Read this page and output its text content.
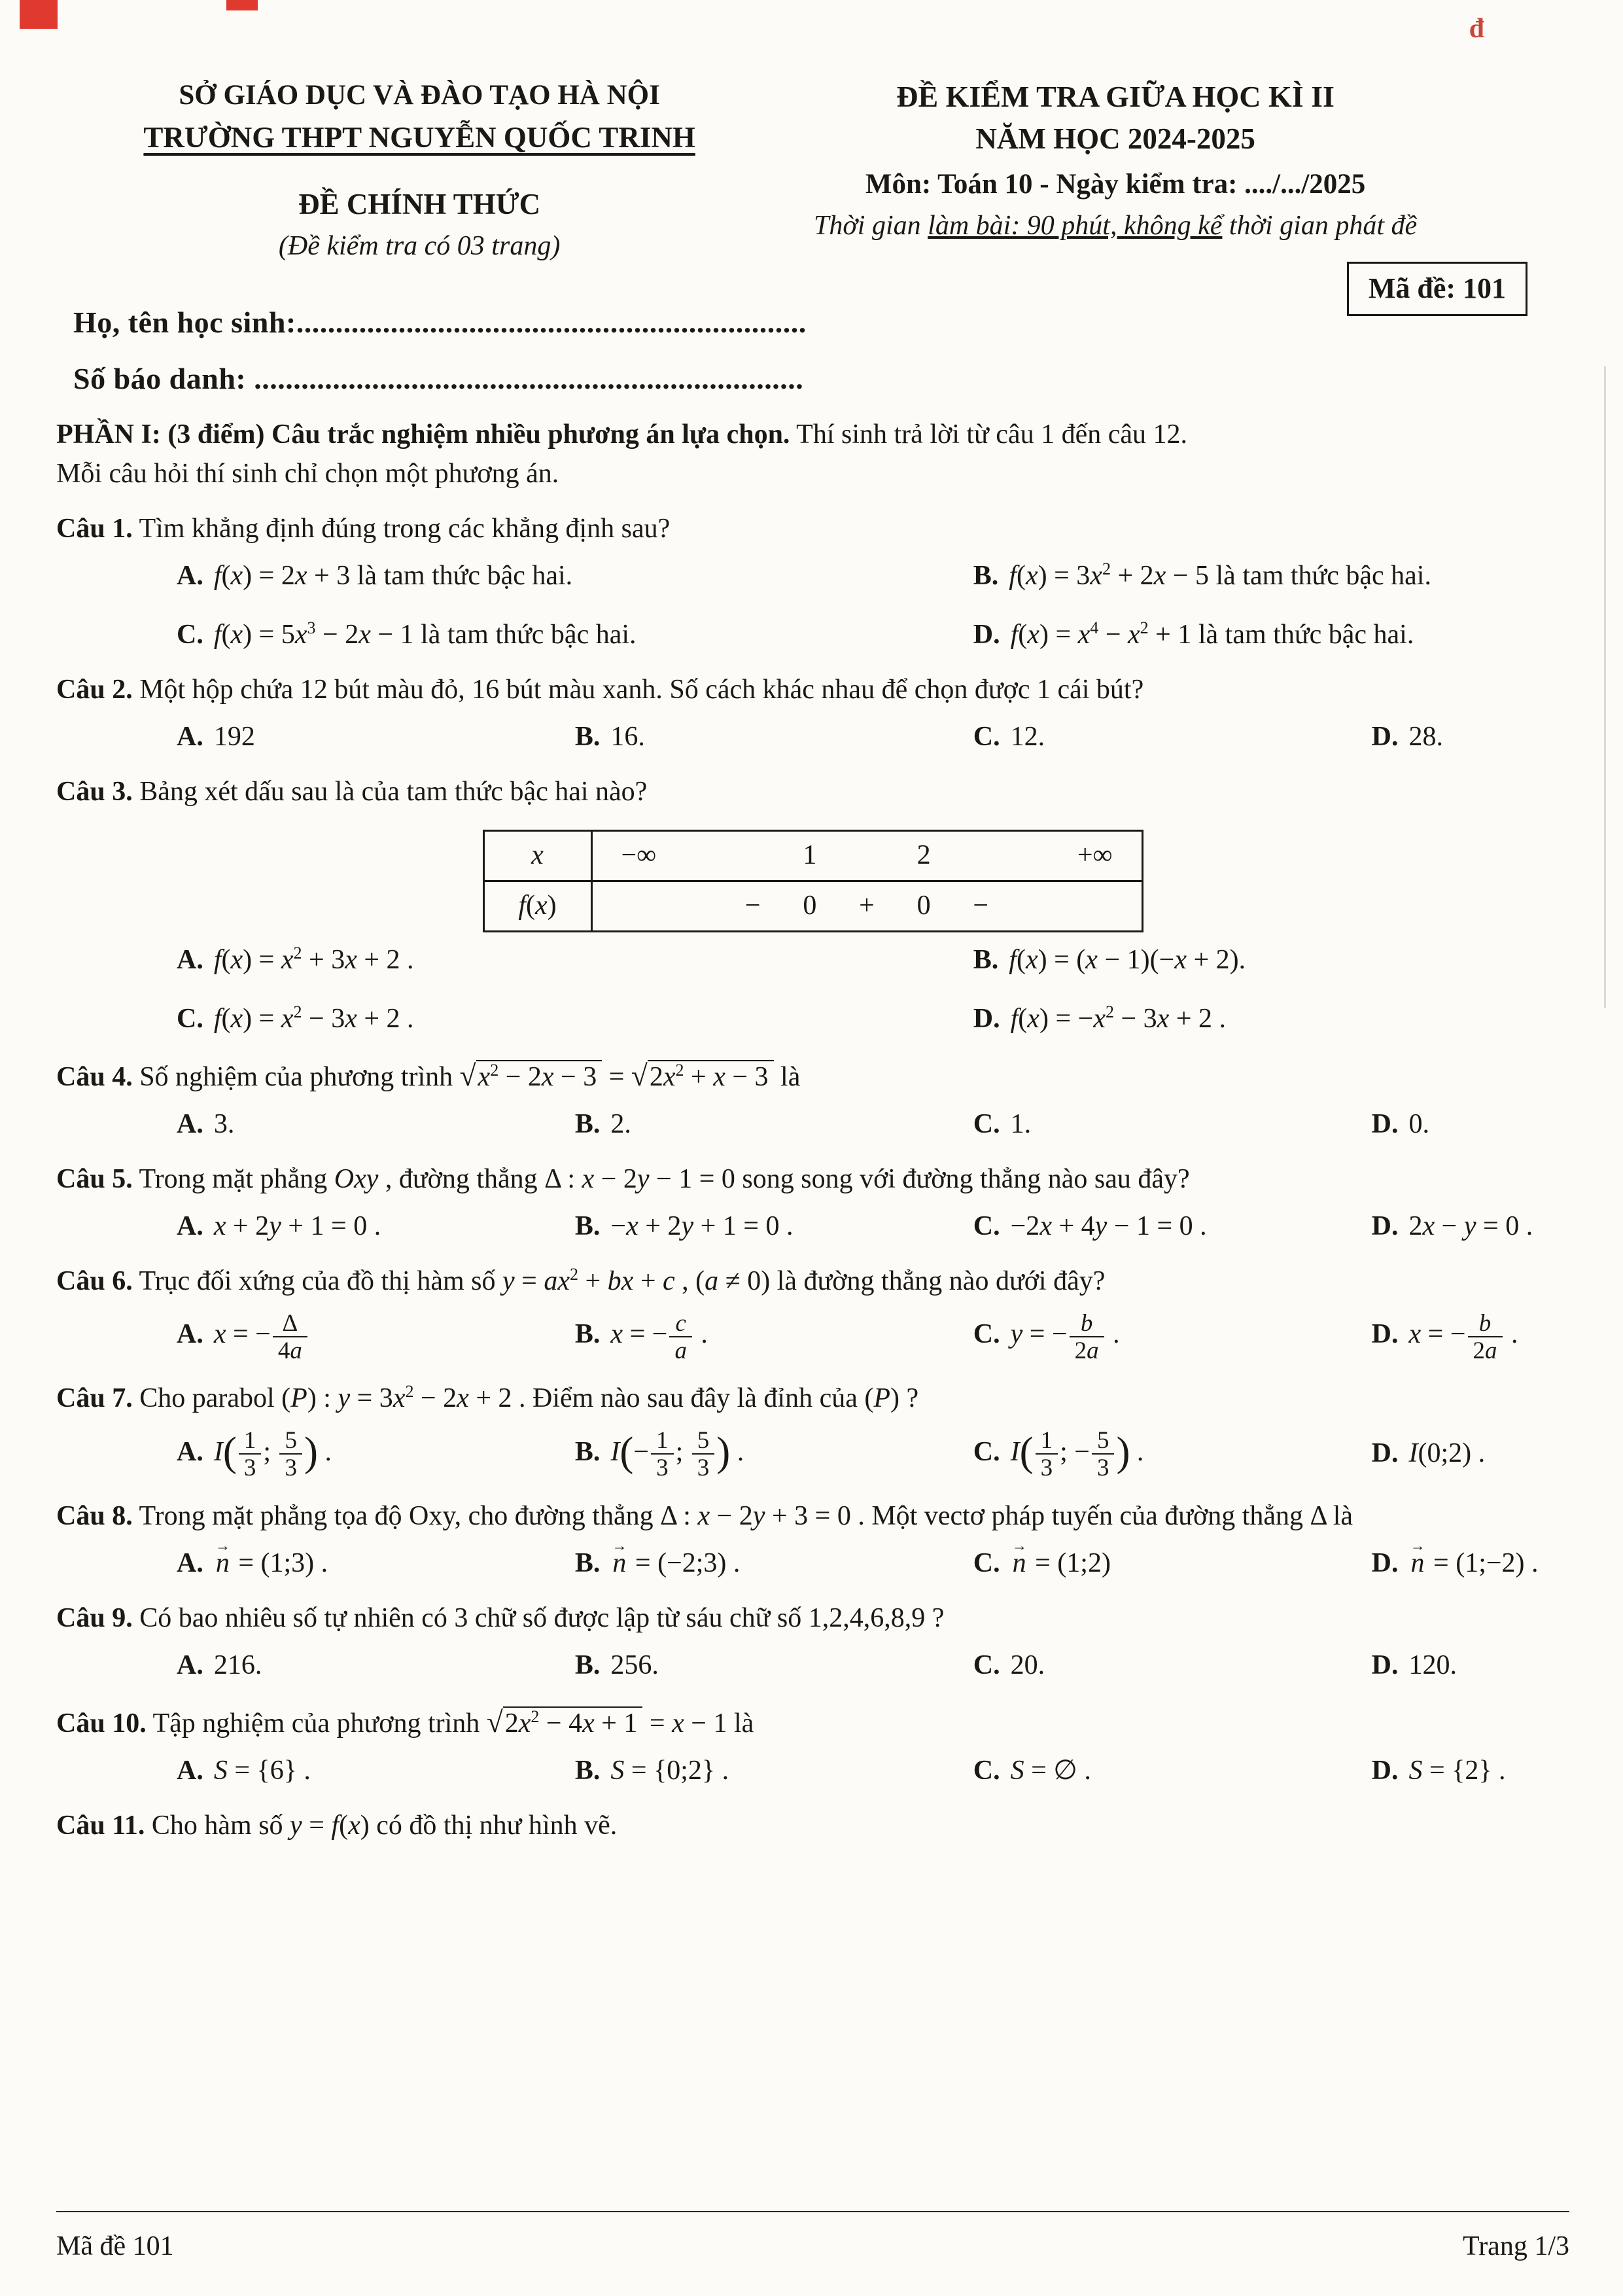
đ
SỞ GIÁO DỤC VÀ ĐÀO TẠO HÀ NỘI
TRƯỜNG THPT NGUYỄN QUỐC TRINH
ĐỀ CHÍNH THỨC
(Đề kiểm tra có 03 trang)
ĐỀ KIỂM TRA GIỮA HỌC KÌ II
NĂM HỌC 2024-2025
Môn: Toán 10 - Ngày kiểm tra: ..../.../2025
Thời gian làm bài: 90 phút, không kể thời gian phát đề
Mã đề: 101
Họ, tên học sinh:.................................................................
Số báo danh: ......................................................................

PHẦN I: (3 điểm) Câu trắc nghiệm nhiều phương án lựa chọn. Thí sinh trả lời từ câu 1 đến câu 12.

Mỗi câu hỏi thí sinh chỉ chọn một phương án.

Câu 1. Tìm khẳng định đúng trong các khẳng định sau?

A. f(x) = 2x + 3 là tam thức bậc hai.	B. $f(x) = 3x^2 + 2x - 5$ là tam thức bậc hai.
C. $f(x) = 5x^3 - 2x - 1$ là tam thức bậc hai.	D. $f(x) = x^4 - x^2 + 1$ là tam thức bậc hai.

Câu 2. Một hộp chứa 12 bút màu đỏ, 16 bút màu xanh. Số cách khác nhau để chọn được 1 cái bút?

A. 192	B. 16.	C. 12.	D. 28.

Câu 3. Bảng xét dấu sau là của tam thức bậc hai nào?

x	−∞		1		2		+∞
f(x)		−	0	+	0	−	
A. $f(x) = x^2 + 3x + 2$ .	B. f(x) = (x − 1)(−x + 2).
C. $f(x) = x^2 - 3x + 2$ .	D. $f(x) = -x^2 - 3x + 2$ .

Câu 4. Số nghiệm của phương trình $√x^2 - 2x - 3 = √2x^2 + x - 3$ là

A. 3.	B. 2.	C. 1.	D. 0.

Câu 5. Trong mặt phẳng Oxy , đường thẳng Δ : x − 2y − 1 = 0 song song với đường thẳng nào sau đây?

A. x + 2y + 1 = 0 .	B. −x + 2y + 1 = 0 .	C. −2x + 4y − 1 = 0 .	D. 2x − y = 0 .

Câu 6. Trục đối xứng của đồ thị hàm số $y = ax^2$ + bx + c , (a ≠ 0) là đường thẳng nào dưới đây?

A. x = − $\frac{\Delta}{4a}$	B. x = − $\frac{c}{a}$ .	C. y = − $\frac{b}{2a}$ .	D. x = − $\frac{b}{2a}$ .

Câu 7. Cho parabol (P) : $y = 3x^2 - 2x + 2$ . Điểm nào sau đây là đỉnh của (P) ?

A. $I( \frac{1}{3}$ ; $\frac{5}{3}$ ) .	B. $I(- \frac{1}{3}$ ; $\frac{5}{3}$ ) .	C. $I( \frac{1}{3}$ ; − $\frac{5}{3}$ ) .	D. I(0;2) .

Câu 8. Trong mặt phẳng tọa độ Oxy, cho đường thẳng Δ : x − 2y + 3 = 0 . Một vectơ pháp tuyến của đường thẳng Δ là

A. n → = (1;3) .	B. n → = (−2;3) .	C. n → = (1;2)	D. n → = (1;−2) .

Câu 9. Có bao nhiêu số tự nhiên có 3 chữ số được lập từ sáu chữ số 1,2,4,6,8,9 ?

A. 216.	B. 256.	C. 20.	D. 120.

Câu 10. Tập nghiệm của phương trình $√2x^2 - 4x + 1 = x - 1$ là

A. S = {6} .	B. S = {0;2} .	C. S = ∅ .	D. S = {2} .

Câu 11. Cho hàm số y = f(x) có đồ thị như hình vẽ.

Mã đề 101	Trang 1/3
